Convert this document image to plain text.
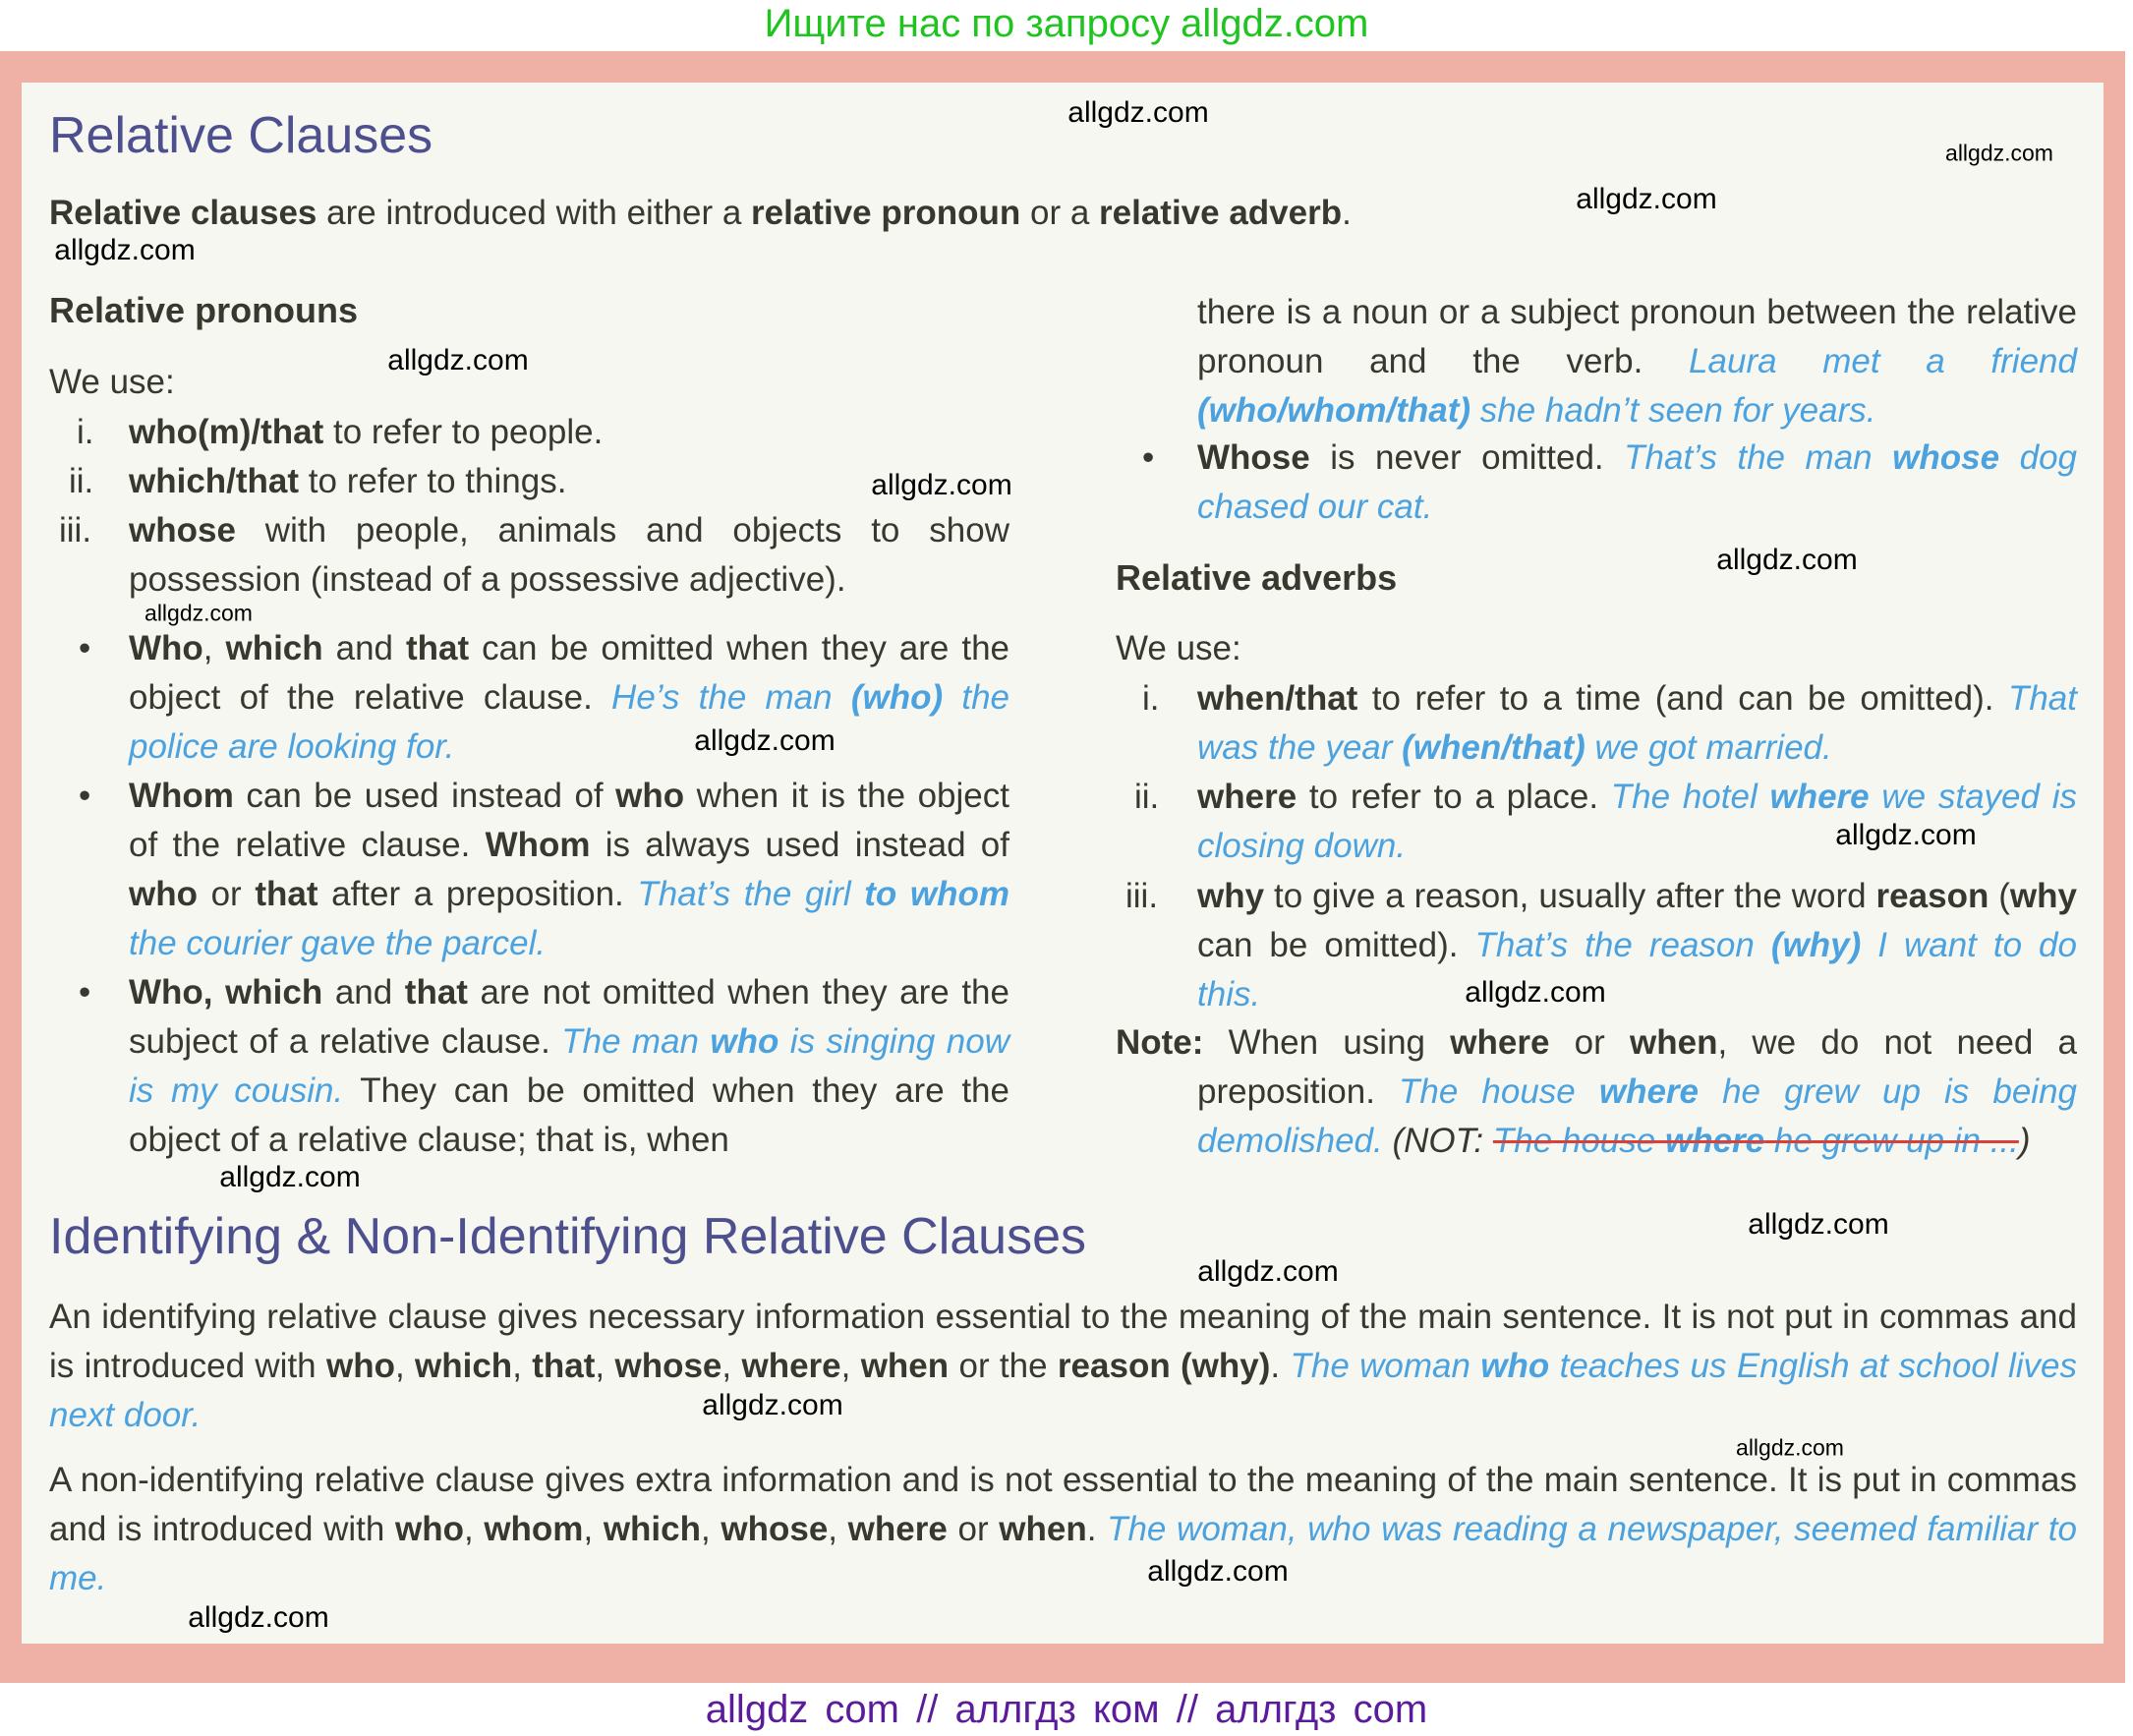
Ищите нас по запросу allgdz.com
Relative Clauses
Relative clauses are introduced with either a relative pronoun or a relative adverb.
Relative pronouns
We use:
i. who(m)/that to refer to people.
ii. which/that to refer to things.
iii. whose with people, animals and objects to show possession (instead of a possessive adjective).
• Who, which and that can be omitted when they are the object of the relative clause. He’s the man (who) the police are looking for.
• Whom can be used instead of who when it is the object of the relative clause. Whom is always used instead of who or that after a preposition. That’s the girl to whom the courier gave the parcel.
• Who, which and that are not omitted when they are the subject of a relative clause. The man who is singing now is my cousin. They can be omitted when they are the object of a relative clause; that is, when
there is a noun or a subject pronoun between the relative pronoun and the verb. Laura met a friend (who/whom/that) she hadn’t seen for years.
• Whose is never omitted. That’s the man whose dog chased our cat.
Relative adverbs
We use:
i. when/that to refer to a time (and can be omitted). That was the year (when/that) we got married.
ii. where to refer to a place. The hotel where we stayed is closing down.
iii. why to give a reason, usually after the word reason (why can be omitted). That’s the reason (why) I want to do this.
Note: When using where or when, we do not need a preposition. The house where he grew up is being demolished. (NOT: The house where he grew up in ...)
Identifying & Non-Identifying Relative Clauses
An identifying relative clause gives necessary information essential to the meaning of the main sentence. It is not put in commas and is introduced with who, which, that, whose, where, when or the reason (why). The woman who teaches us English at school lives next door.
A non-identifying relative clause gives extra information and is not essential to the meaning of the main sentence. It is put in commas and is introduced with who, whom, which, whose, where or when. The woman, who was reading a newspaper, seemed familiar to me.
allgdz.com
allgdz.com
allgdz.com
allgdz.com
allgdz.com
allgdz.com
allgdz.com
allgdz.com
allgdz.com
allgdz.com
allgdz.com
allgdz.com
allgdz.com
allgdz.com
allgdz.com
allgdz.com
allgdz.com
allgdz.com
allgdz com // аллгдз ком // аллгдз com
